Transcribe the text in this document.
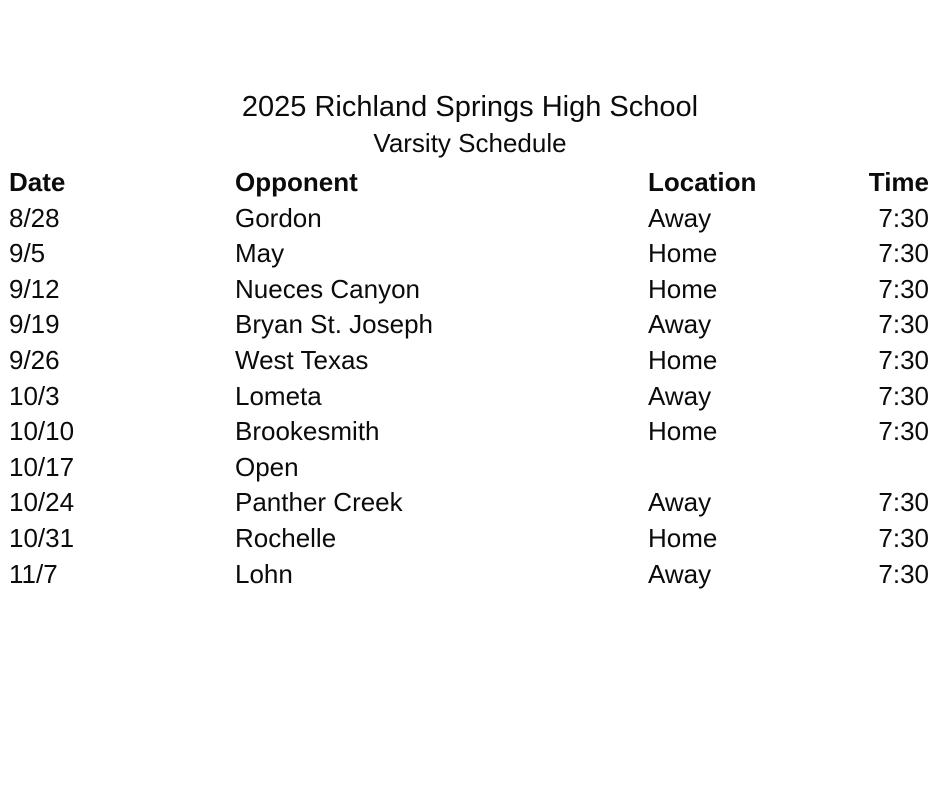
2025 Richland Springs High School
Varsity Schedule
Date	Opponent	Location	Time
8/28	Gordon	Away	7:30
9/5	May	Home	7:30
9/12	Nueces Canyon	Home	7:30
9/19	Bryan St. Joseph	Away	7:30
9/26	West Texas	Home	7:30
10/3	Lometa	Away	7:30
10/10	Brookesmith	Home	7:30
10/17	Open
10/24	Panther Creek	Away	7:30
10/31	Rochelle	Home	7:30
11/7	Lohn	Away	7:30
